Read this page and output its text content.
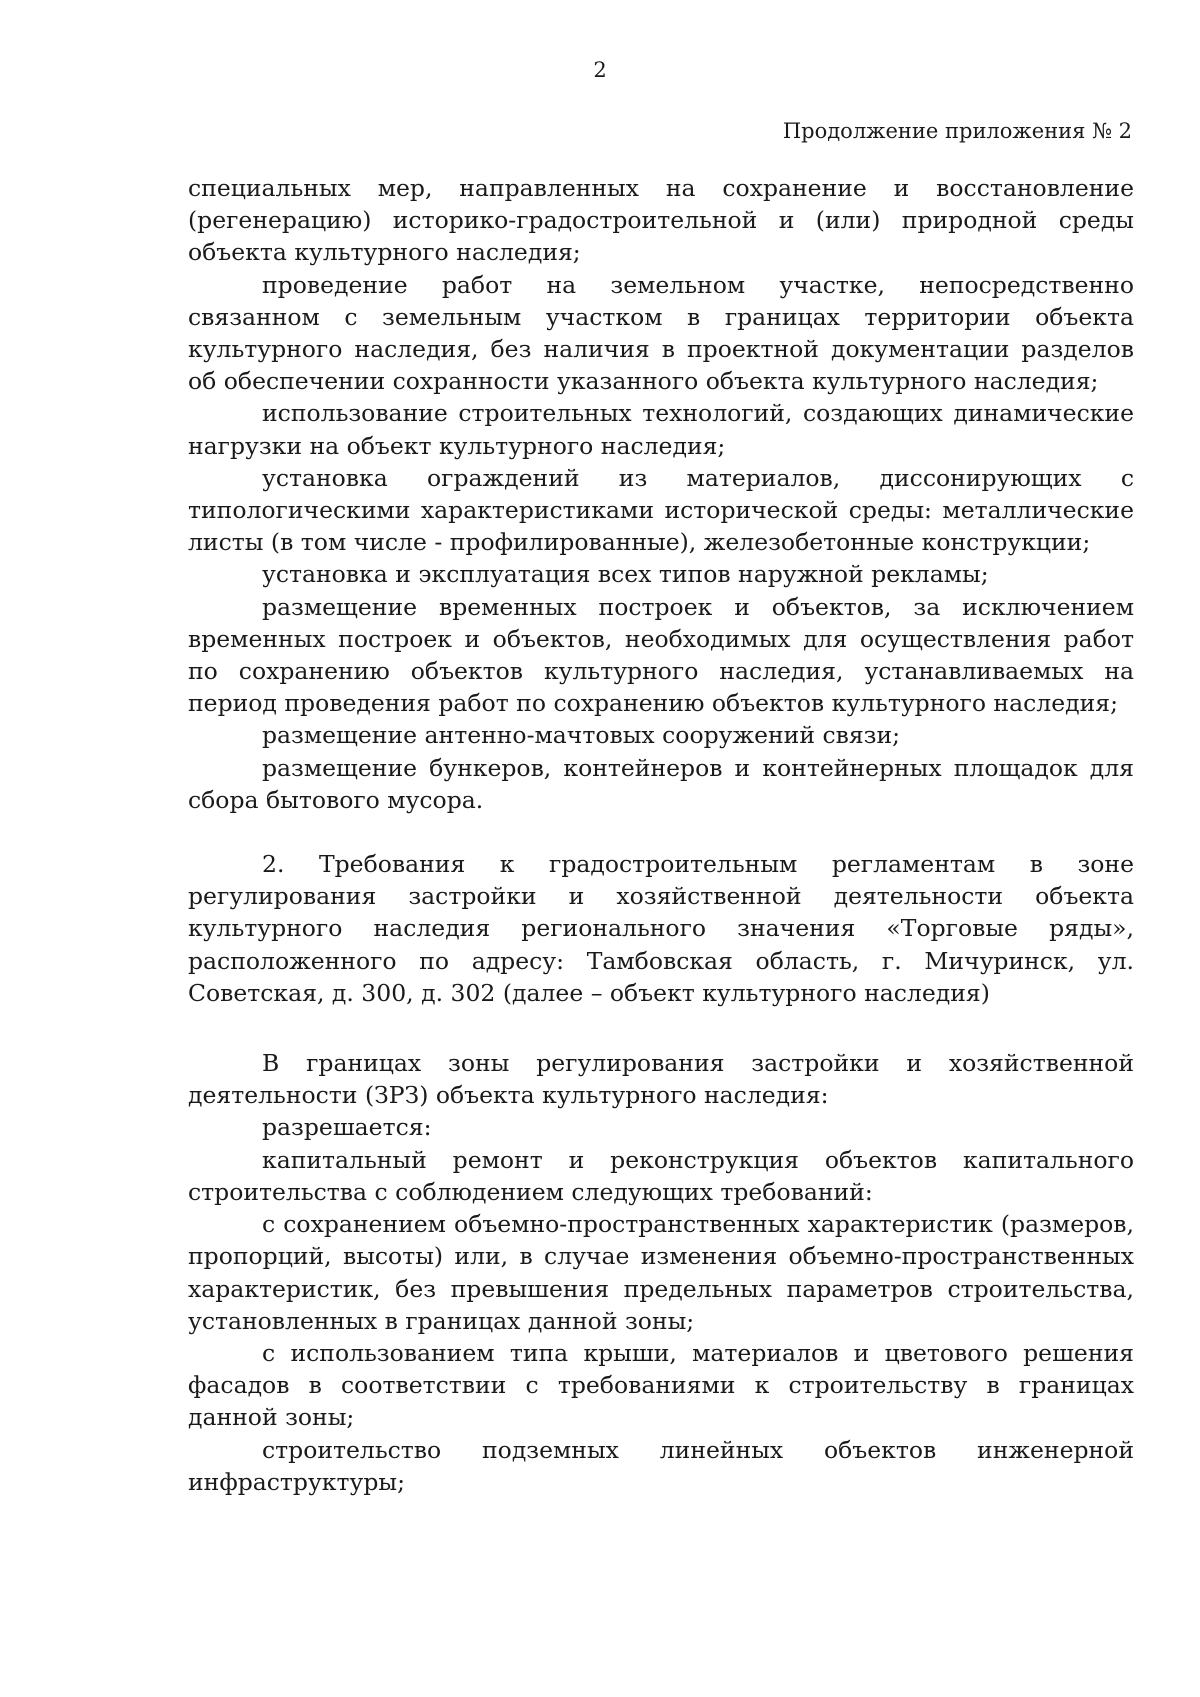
2
Продолжение приложения № 2

специальных мер, направленных на сохранение и восстановление (регенерацию) историко-градостроительной и (или) природной среды объекта культурного наследия;

проведение работ на земельном участке, непосредственно связанном с земельным участком в границах территории объекта культурного наследия, без наличия в проектной документации разделов об обеспечении сохранности указанного объекта культурного наследия;

использование строительных технологий, создающих динамические нагрузки на объект культурного наследия;

установка ограждений из материалов, диссонирующих с типологическими характеристиками исторической среды: металлические листы (в том числе - профилированные), железобетонные конструкции;

установка и эксплуатация всех типов наружной рекламы;

размещение временных построек и объектов, за исключением временных построек и объектов, необходимых для осуществления работ по сохранению объектов культурного наследия, устанавливаемых на период проведения работ по сохранению объектов культурного наследия;

размещение антенно-мачтовых сооружений связи;

размещение бункеров, контейнеров и контейнерных площадок для сбора бытового мусора.

2. Требования к градостроительным регламентам в зоне регулирования застройки и хозяйственной деятельности объекта культурного наследия регионального значения «Торговые ряды», расположенного по адресу: Тамбовская область, г. Мичуринск, ул. Советская, д. 300, д. 302 (далее – объект культурного наследия)

В границах зоны регулирования застройки и хозяйственной деятельности (ЗРЗ) объекта культурного наследия:

разрешается:

капитальный ремонт и реконструкция объектов капитального строительства с соблюдением следующих требований:

с сохранением объемно-пространственных характеристик (размеров, пропорций, высоты) или, в случае изменения объемно-пространственных характеристик, без превышения предельных параметров строительства, установленных в границах данной зоны;

с использованием типа крыши, материалов и цветового решения фасадов в соответствии с требованиями к строительству в границах данной зоны;

строительство подземных линейных объектов инженерной инфраструктуры;
